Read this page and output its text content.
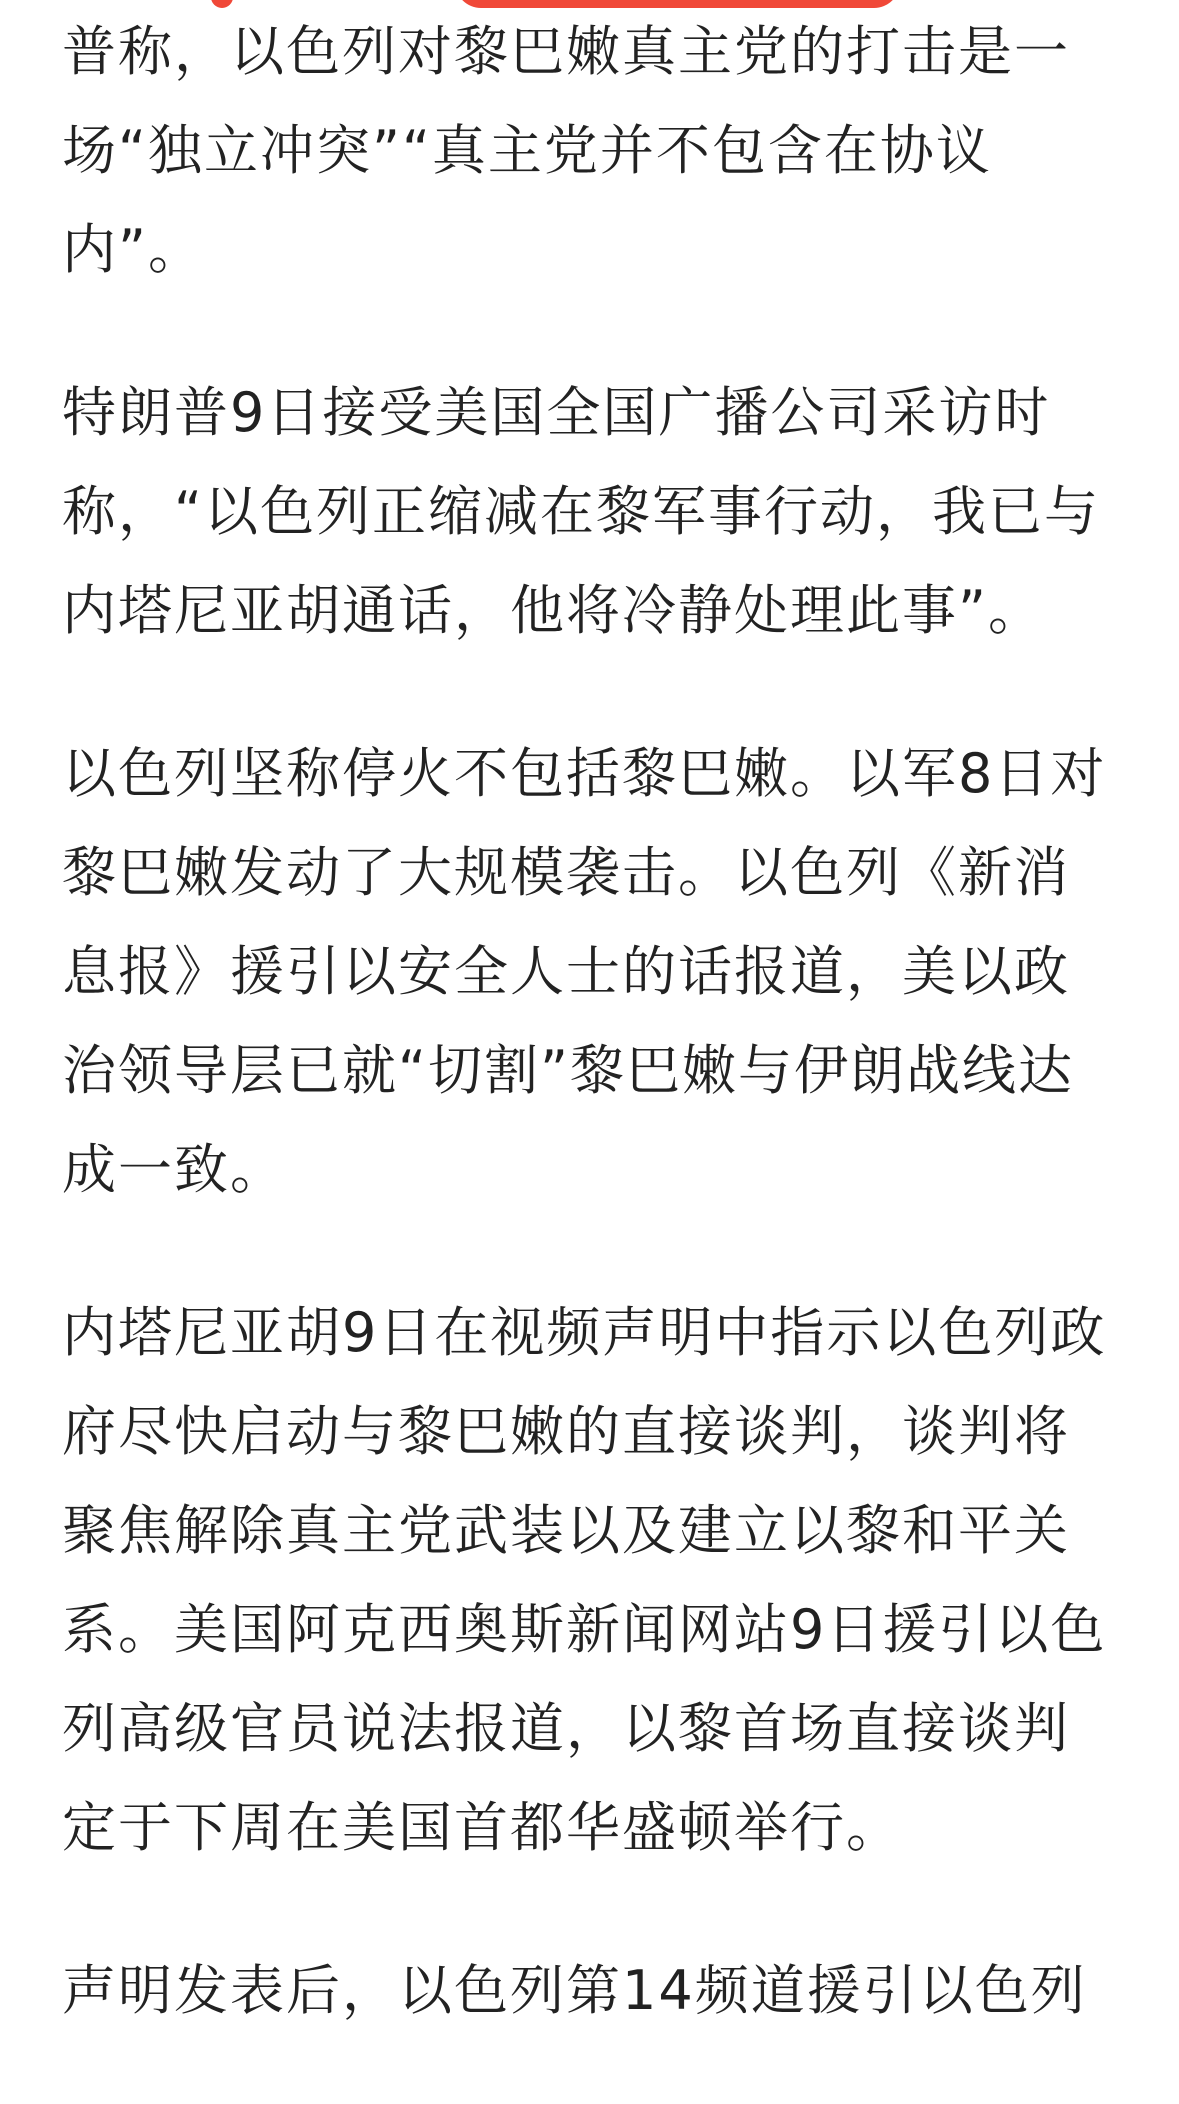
普称，以色列对黎巴嫩真主党的打击是一
场“独立冲突”“真主党并不包含在协议
内”。

特朗普9日接受美国全国广播公司采访时
称，“以色列正缩减在黎军事行动，我已与
内塔尼亚胡通话，他将冷静处理此事”。

以色列坚称停火不包括黎巴嫩。以军8日对
黎巴嫩发动了大规模袭击。以色列《新消
息报》援引以安全人士的话报道，美以政
治领导层已就“切割”黎巴嫩与伊朗战线达
成一致。

内塔尼亚胡9日在视频声明中指示以色列政
府尽快启动与黎巴嫩的直接谈判，谈判将
聚焦解除真主党武装以及建立以黎和平关
系。美国阿克西奥斯新闻网站9日援引以色
列高级官员说法报道，以黎首场直接谈判
定于下周在美国首都华盛顿举行。

声明发表后，以色列第14频道援引以色列
